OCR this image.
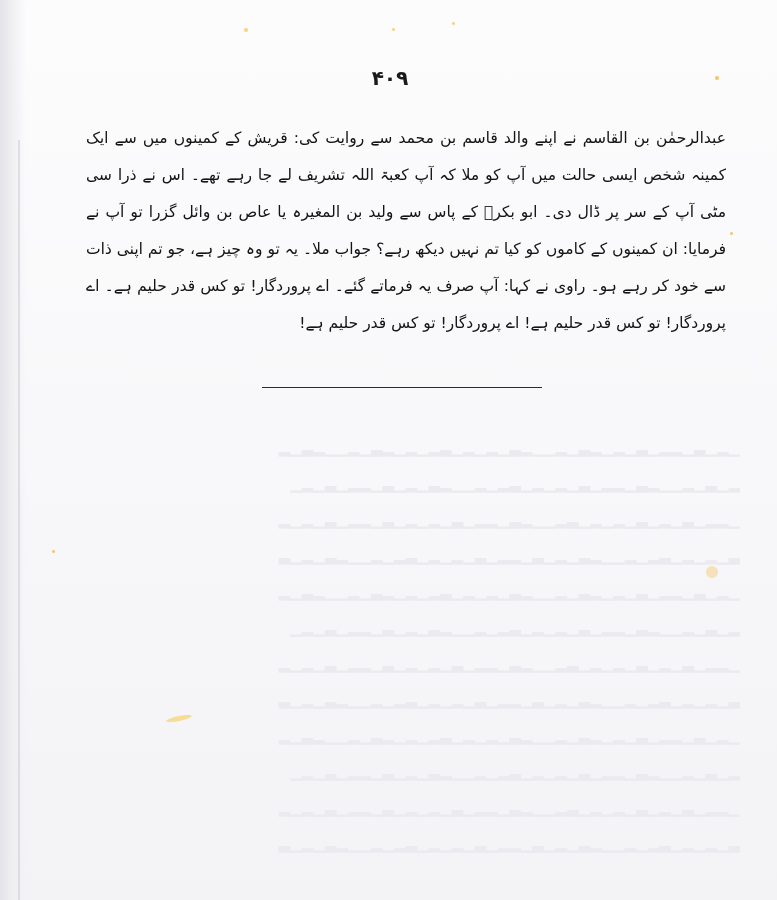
۴۰۹

عبدالرحمٰن بن القاسم نے اپنے والد قاسم بن محمد سے روایت کی: قریش کے کمینوں میں سے ایک کمینہ شخص ایسی حالت میں آپ کو ملا کہ آپ کعبۃ اللہ تشریف لے جا رہے تھے۔ اس نے ذرا سی مٹی آپ کے سر پر ڈال دی۔ ابو بکرؓ کے پاس سے ولید بن المغیرہ یا عاص بن وائل گزرا تو آپ نے فرمایا: ان کمینوں کے کاموں کو کیا تم نہیں دیکھ رہے؟ جواب ملا۔ یہ تو وہ چیز ہے، جو تم اپنی ذات سے خود کر رہے ہو۔ راوی نے کہا: آپ صرف یہ فرماتے گئے۔ اے پروردگار! تو کس قدر حلیم ہے۔ اے پروردگار! تو کس قدر حلیم ہے! اے پروردگار! تو کس قدر حلیم ہے!

▁▂▁▃▁▂▂▁▃▁▂▁▂▃▁▂▁▁▂▃▁▂▁▂▁▃▂▁▂▁▂▃▁▂▁▁▂▃▁▂
▂▁▃▁▂▁▁▂▃▁▂▂▁▃▁▂▁▂▁▃▂▁▂▁▁▂▃▁▂▁▃▁▂▂▁▃▁▂▁
▁▂▂▁▃▁▂▁▃▁▂▁▂▁▃▂▁▁▂▃▁▂▂▁▃▁▂▁▂▁▃▁▂▂▁▃▁▂▁▂
▃▁▂▁▂▁▃▂▁▂▁▁▂▃▁▂▁▃▁▂▂▁▃▁▂▁▂▁▃▂▁▂▁▁▂▃▁▂▁▃
▁▂▁▃▁▂▂▁▃▁▂▁▂▃▁▂▁▁▂▃▁▂▁▂▁▃▂▁▂▁▂▃▁▂▁▁▂▃▁▂
▂▁▃▁▂▁▁▂▃▁▂▂▁▃▁▂▁▂▁▃▂▁▂▁▁▂▃▁▂▁▃▁▂▂▁▃▁▂▁
▁▂▂▁▃▁▂▁▃▁▂▁▂▁▃▂▁▁▂▃▁▂▂▁▃▁▂▁▂▁▃▁▂▂▁▃▁▂▁▂
▃▁▂▁▂▁▃▂▁▂▁▁▂▃▁▂▁▃▁▂▂▁▃▁▂▁▂▁▃▂▁▂▁▁▂▃▁▂▁▃
▁▂▁▃▁▂▂▁▃▁▂▁▂▃▁▂▁▁▂▃▁▂▁▂▁▃▂▁▂▁▂▃▁▂▁▁▂▃▁▂
▂▁▃▁▂▁▁▂▃▁▂▂▁▃▁▂▁▂▁▃▂▁▂▁▁▂▃▁▂▁▃▁▂▂▁▃▁▂▁
▁▂▂▁▃▁▂▁▃▁▂▁▂▁▃▂▁▁▂▃▁▂▂▁▃▁▂▁▂▁▃▁▂▂▁▃▁▂▁▂
▃▁▂▁▂▁▃▂▁▂▁▁▂▃▁▂▁▃▁▂▂▁▃▁▂▁▂▁▃▂▁▂▁▁▂▃▁▂▁▃
